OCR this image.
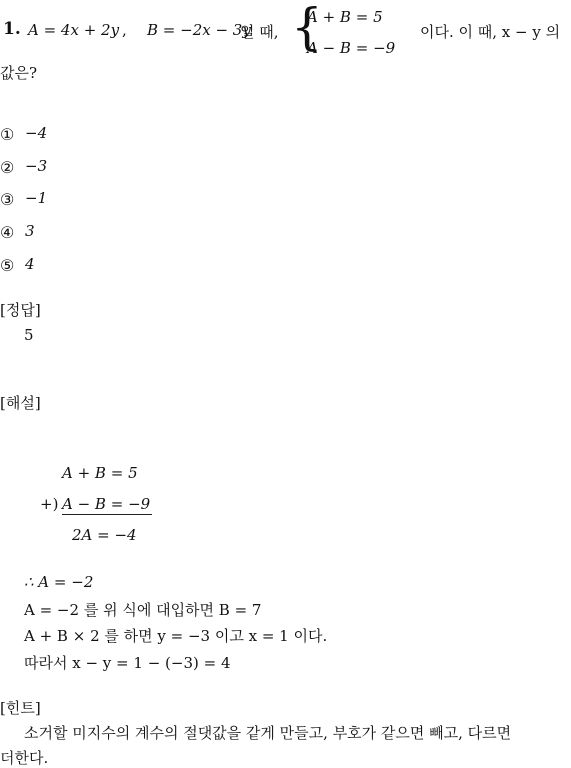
1. A = 4x + 2y , B = −2x − 3y
일 때, {
A + B = 5
A − B = −9
이다. 이 때, x − y 의
값은?
① −4
② −3
③ −1
④ 3
⑤ 4
[정답]
5
[해설]
A + B = 5
+) A − B = −9
2A = −4
∴ A = −2
A = −2 를 위 식에 대입하면 B = 7
A + B × 2 를 하면 y = −3 이고 x = 1 이다.
따라서 x − y = 1 − (−3) = 4
[힌트]
소거할 미지수의 계수의 절댓값을 같게 만들고, 부호가 같으면 빼고, 다르면
더한다.
